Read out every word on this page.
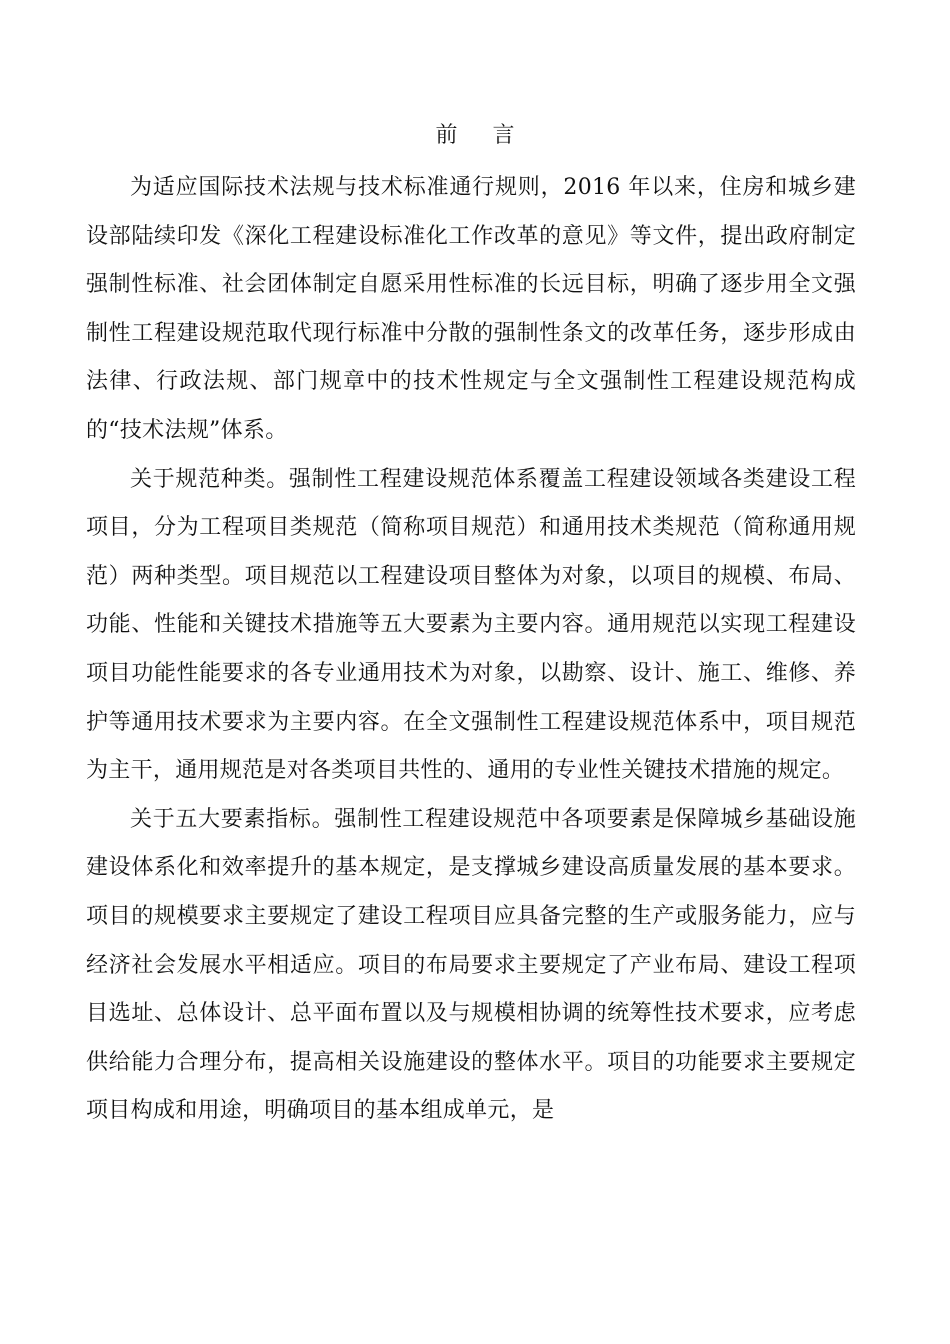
前 言

为适应国际技术法规与技术标准通行规则，2016 年以来，住房和城乡建设部陆续印发《深化工程建设标准化工作改革的意见》等文件，提出政府制定强制性标准、社会团体制定自愿采用性标准的长远目标，明确了逐步用全文强制性工程建设规范取代现行标准中分散的强制性条文的改革任务，逐步形成由法律、行政法规、部门规章中的技术性规定与全文强制性工程建设规范构成的“技术法规”体系。

关于规范种类。强制性工程建设规范体系覆盖工程建设领域各类建设工程项目，分为工程项目类规范（简称项目规范）和通用技术类规范（简称通用规范）两种类型。项目规范以工程建设项目整体为对象，以项目的规模、布局、功能、性能和关键技术措施等五大要素为主要内容。通用规范以实现工程建设项目功能性能要求的各专业通用技术为对象，以勘察、设计、施工、维修、养护等通用技术要求为主要内容。在全文强制性工程建设规范体系中，项目规范为主干，通用规范是对各类项目共性的、通用的专业性关键技术措施的规定。

关于五大要素指标。强制性工程建设规范中各项要素是保障城乡基础设施建设体系化和效率提升的基本规定，是支撑城乡建设高质量发展的基本要求。项目的规模要求主要规定了建设工程项目应具备完整的生产或服务能力，应与经济社会发展水平相适应。项目的布局要求主要规定了产业布局、建设工程项目选址、总体设计、总平面布置以及与规模相协调的统筹性技术要求，应考虑供给能力合理分布，提高相关设施建设的整体水平。项目的功能要求主要规定项目构成和用途，明确项目的基本组成单元，是
